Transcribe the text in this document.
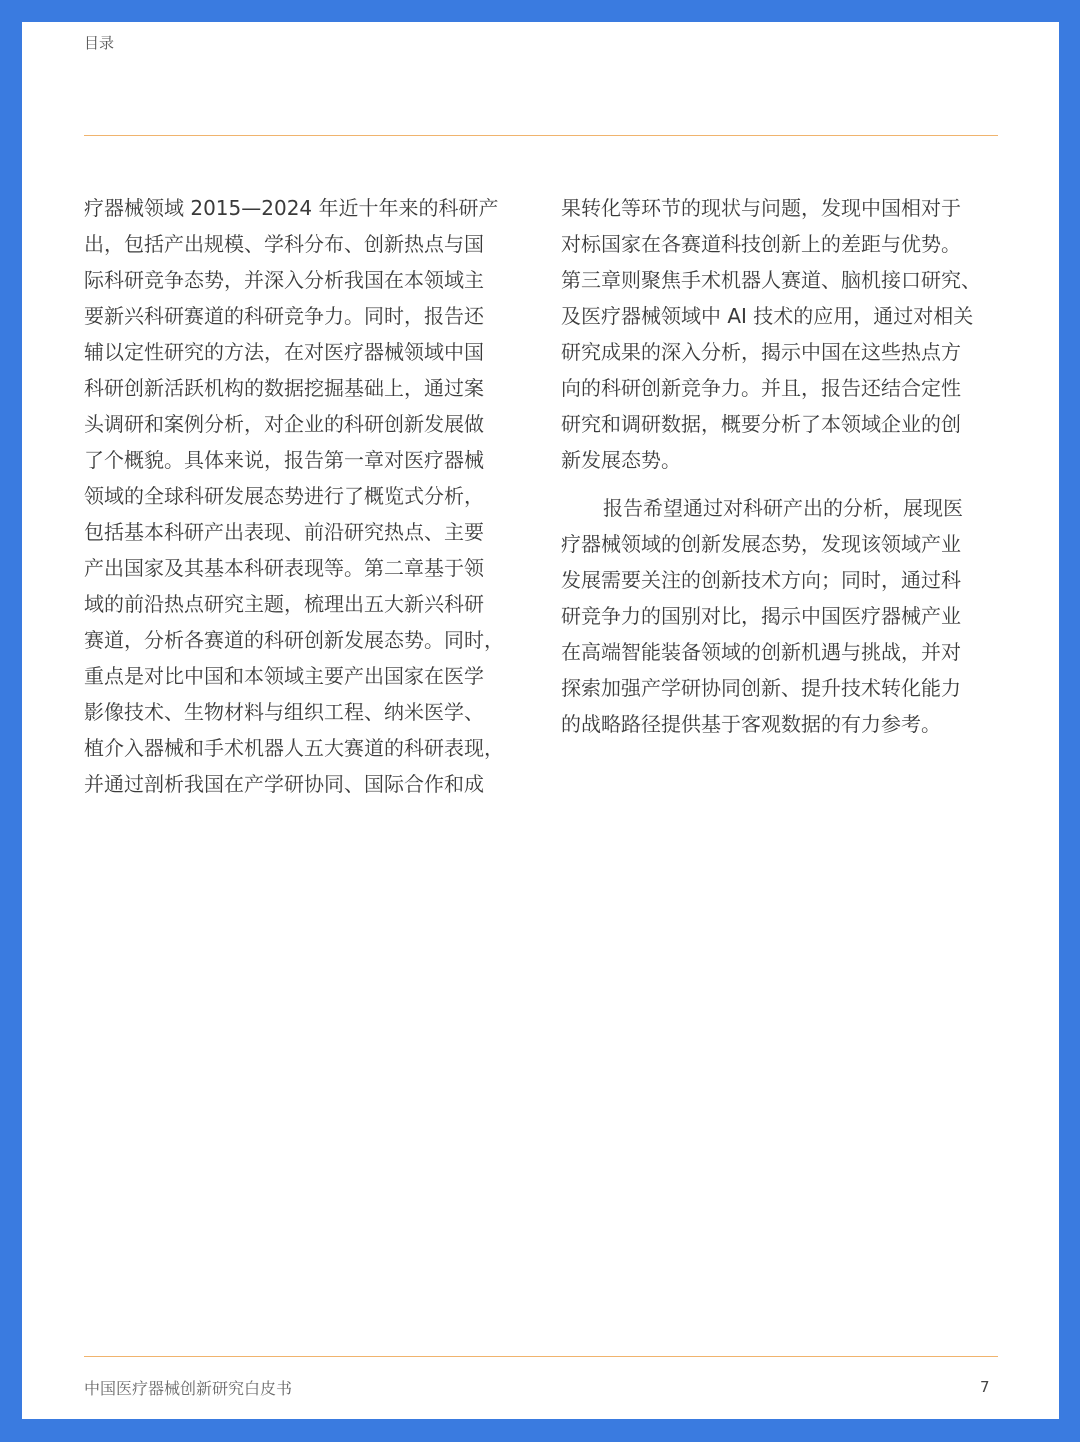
目录
疗器械领域 2015—2024 年近十年来的科研产
出，包括产出规模、学科分布、创新热点与国
际科研竞争态势，并深入分析我国在本领域主
要新兴科研赛道的科研竞争力。同时，报告还
辅以定性研究的方法，在对医疗器械领域中国
科研创新活跃机构的数据挖掘基础上，通过案
头调研和案例分析，对企业的科研创新发展做
了个概貌。具体来说，报告第一章对医疗器械
领域的全球科研发展态势进行了概览式分析，
包括基本科研产出表现、前沿研究热点、主要
产出国家及其基本科研表现等。第二章基于领
域的前沿热点研究主题，梳理出五大新兴科研
赛道，分析各赛道的科研创新发展态势。同时，
重点是对比中国和本领域主要产出国家在医学
影像技术、生物材料与组织工程、纳米医学、
植介入器械和手术机器人五大赛道的科研表现，
并通过剖析我国在产学研协同、国际合作和成
果转化等环节的现状与问题，发现中国相对于
对标国家在各赛道科技创新上的差距与优势。
第三章则聚焦手术机器人赛道、脑机接口研究、
及医疗器械领域中 AI 技术的应用，通过对相关
研究成果的深入分析，揭示中国在这些热点方
向的科研创新竞争力。并且，报告还结合定性
研究和调研数据，概要分析了本领域企业的创
新发展态势。
报告希望通过对科研产出的分析，展现医
疗器械领域的创新发展态势，发现该领域产业
发展需要关注的创新技术方向；同时，通过科
研竞争力的国别对比，揭示中国医疗器械产业
在高端智能装备领域的创新机遇与挑战，并对
探索加强产学研协同创新、提升技术转化能力
的战略路径提供基于客观数据的有力参考。
中国医疗器械创新研究白皮书	7
